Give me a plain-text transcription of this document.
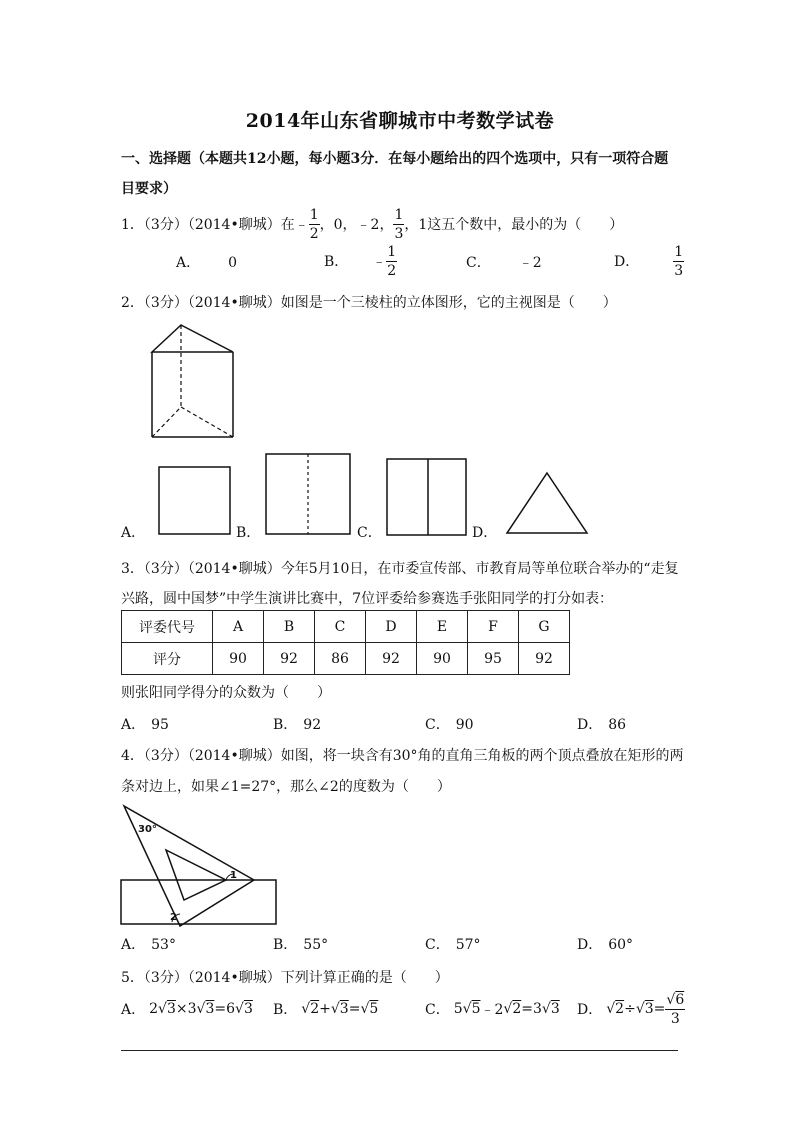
2014年山东省聊城市中考数学试卷
一、选择题（本题共12小题，每小题3分．在每小题给出的四个选项中，只有一项符合题
目要求）
1．（3分）（2014•聊城）在 ﹣ $\frac{1}{2}$ ，0，﹣2， $\frac{1}{3}$ ，1这五个数中，最小的为（　　）
A． 0	B． ﹣ $\frac{1}{2}$	C． ﹣2	D． $\frac{1}{3}$
2．（3分）（2014•聊城）如图是一个三棱柱的立体图形，它的主视图是（　　）
A．	B．	C．	D．
3．（3分）（2014•聊城）今年5月10日，在市委宣传部、市教育局等单位联合举办的“走复
兴路，圆中国梦”中学生演讲比赛中，7位评委给参赛选手张阳同学的打分如表：
评委代号	A	B	C	D	E	F	G
评分	90	92	86	92	90	95	92
则张阳同学得分的众数为（　　）
A． 95	B． 92	C． 90	D． 86
4．（3分）（2014•聊城）如图，将一块含有30°角的直角三角板的两个顶点叠放在矩形的两
条对边上，如果∠1=27°，那么∠2的度数为（　　）
30°
1
2
A． 53°	B． 55°	C． 57°	D． 60°
5．（3分）（2014•聊城）下列计算正确的是（　　）
A． 2 √ 3 ×3 √ 3 =6 √ 3 B． √ 2 + √ 3 = √ 5	C． 5 √ 5 ﹣2 √ 2 =3 √ 3 D． √ 2 ÷ √ $3 = \frac{√6}{3}$
